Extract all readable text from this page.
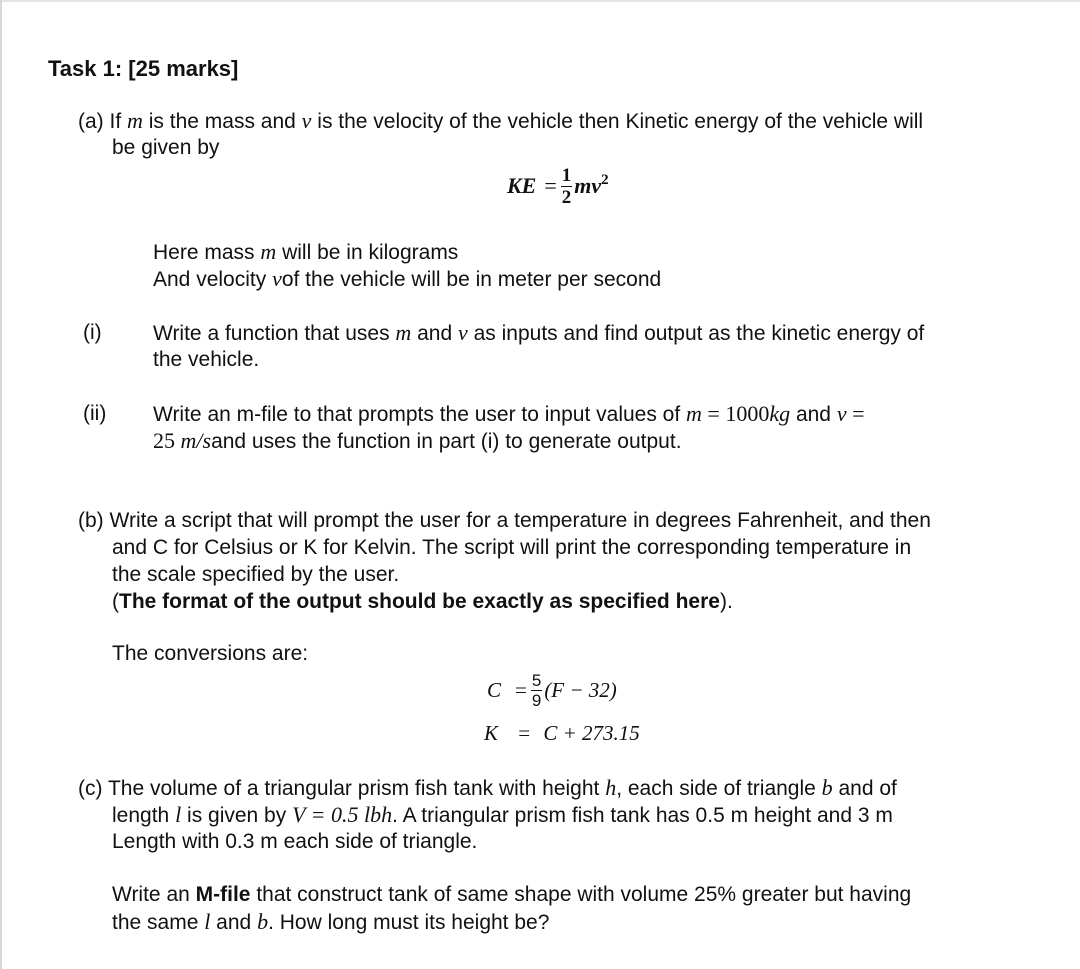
Task 1: [25 marks]
(a) If m is the mass and v is the velocity of the vehicle then Kinetic energy of the vehicle will
be given by
KE = $\frac{1}{2} mv^2$
Here mass m will be in kilograms
And velocity vof the vehicle will be in meter per second
(i) Write a function that uses m and v as inputs and find output as the kinetic energy of
the vehicle.
(ii) Write an m-file to that prompts the user to input values of m = 1000kg and v =
25 m/sand uses the function in part (i) to generate output.
(b) Write a script that will prompt the user for a temperature in degrees Fahrenheit, and then
and C for Celsius or K for Kelvin. The script will print the corresponding temperature in
the scale specified by the user.
(The format of the output should be exactly as specified here).
The conversions are:
$C = \frac{5}{9} (F - 32)$
K = C + 273.15
(c) The volume of a triangular prism fish tank with height h, each side of triangle b and of
length l is given by V = 0.5 lbh. A triangular prism fish tank has 0.5 m height and 3 m
Length with 0.3 m each side of triangle.
Write an M-file that construct tank of same shape with volume 25% greater but having
the same l and b. How long must its height be?
